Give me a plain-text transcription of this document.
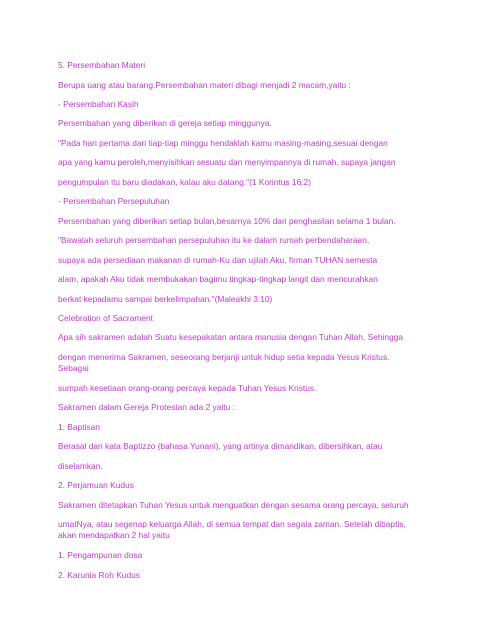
5. Persembahan Materi
Berupa uang atau barang.Persembahan materi dibagi menjadi 2 macam,yaitu :
- Persembahan Kasih
Persembahan yang diberikan di gereja setiap minggunya.
"Pada hari pertama dari tiap-tiap minggu hendaklah kamu masing-masing,sesuai dengan
apa yang kamu peroleh,menyisihkan sesuatu dan menyimpannya di rumah, supaya jangan
pengumpulan itu baru diadakan, kalau aku datang."(1 Korintus 16:2)
- Persembahan Persepuluhan
Persembahan yang diberikan setiap bulan,besarnya 10% dari penghasilan selama 1 bulan.
"Bawalah seluruh persembahan persepuluhan itu ke dalam rumah perbendaharaan,
supaya ada persediaan makanan di rumah-Ku dan ujilah Aku, firman TUHAN semesta
alam, apakah Aku tidak membukakan bagimu tingkap-tingkap langit dan mencurahkan
berkat kepadamu sampai berkelimpahan."(Maleakhi 3:10)
Celebration of Sacrament
Apa sih sakramen adalah Suatu kesepakatan antara manusia dengan Tuhan Allah. Sehingga
dengan menerima Sakramen, seseorang berjanji untuk hidup setia kepada Yesus Kristus.
Sebagai
sumpah kesetiaan orang-orang percaya kepada Tuhan Yesus Kristus.
Sakramen dalam Gereja Protestan ada 2 yaitu :
1. Baptisan
Berasal dari kata Baptizzo (bahasa Yunani), yang artinya dimandikan, dibersihkan, atau
diselamkan.
2. Perjamuan Kudus
Sakramen ditetapkan Tuhan Yesus untuk menguatkan dengan sesama orang percaya, seluruh
umatNya, atau segenap keluarga Allah, di semua tempat dan segala zaman. Setelah dibaptis,
akan mendapatkan 2 hal yaitu
1. Pengampunan dosa
2. Karunia Roh Kudus
